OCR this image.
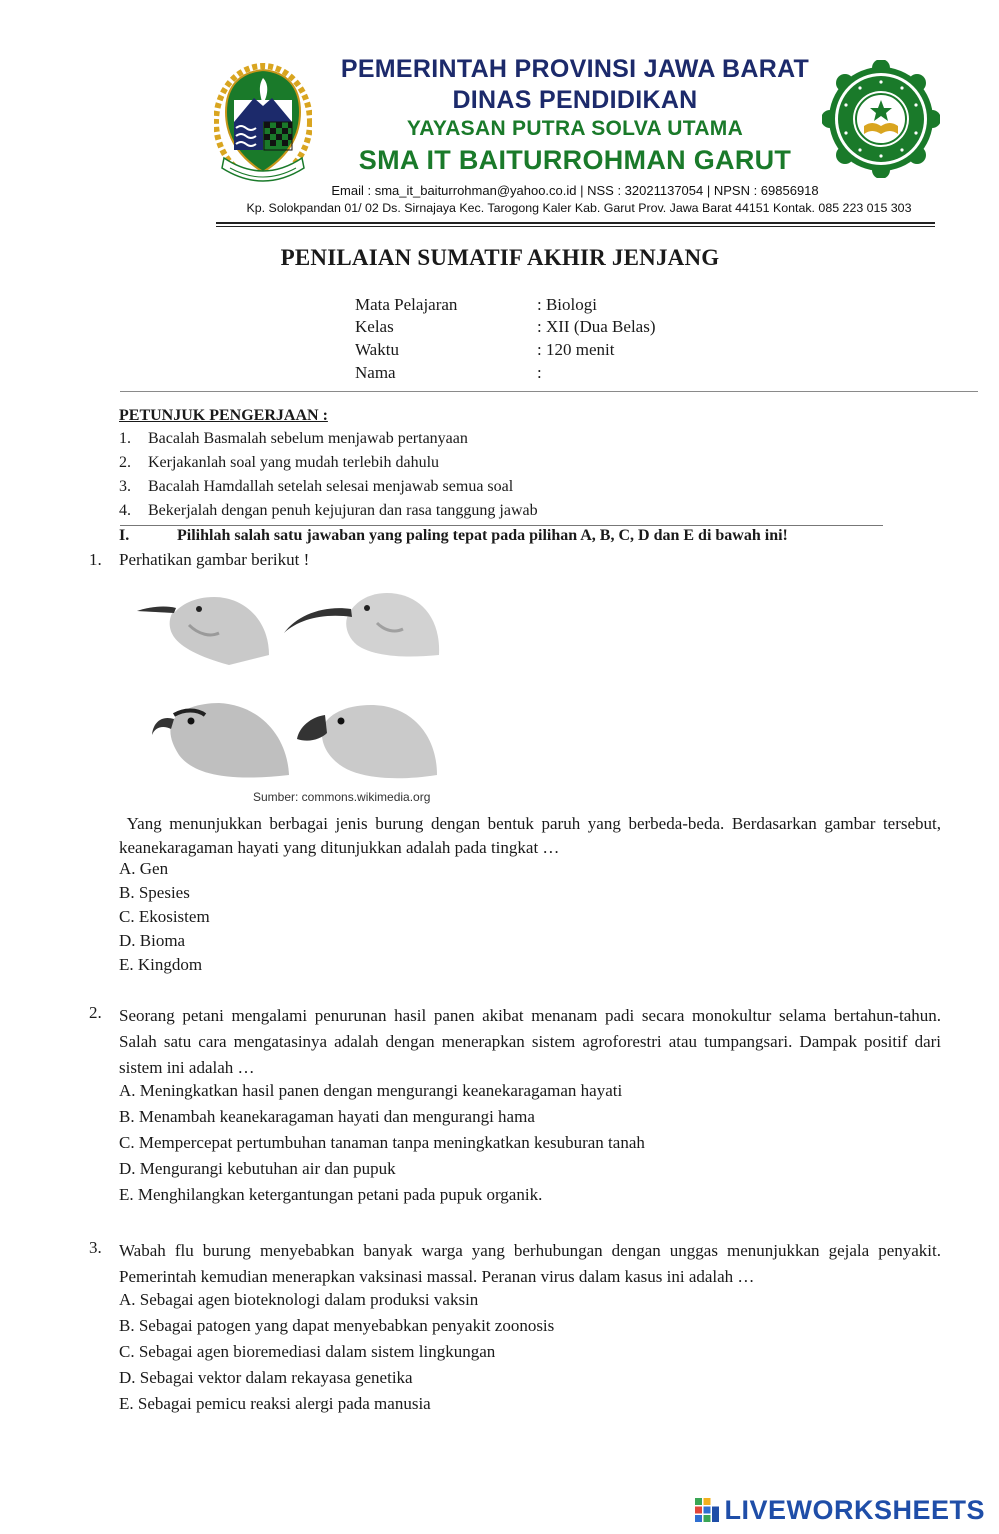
PEMERINTAH PROVINSI JAWA BARAT
DINAS PENDIDIKAN
YAYASAN PUTRA SOLVA UTAMA
SMA IT BAITURROHMAN GARUT
Email : sma_it_baiturrohman@yahoo.co.id | NSS : 32021137054 | NPSN : 69856918
Kp. Solokpandan 01/ 02 Ds. Sirnajaya Kec. Tarogong Kaler Kab. Garut Prov. Jawa Barat 44151 Kontak. 085 223 015 303
PENILAIAN SUMATIF AKHIR JENJANG
Mata Pelajaran	: Biologi
Kelas	: XII (Dua Belas)
Waktu	: 120 menit
Nama	:
PETUNJUK PENGERJAAN :
1. Bacalah Basmalah sebelum menjawab pertanyaan
2. Kerjakanlah soal yang mudah terlebih dahulu
3. Bacalah Hamdallah setelah selesai menjawab semua soal
4. Bekerjalah dengan penuh kejujuran dan rasa tanggung jawab
I.	Pilihlah salah satu jawaban yang paling tepat pada pilihan A, B, C, D dan E di bawah ini!
1. Perhatikan gambar berikut !
Sumber: commons.wikimedia.org
Yang menunjukkan berbagai jenis burung dengan bentuk paruh yang berbeda-beda. Berdasarkan gambar tersebut, keanekaragaman hayati yang ditunjukkan adalah pada tingkat …
A. Gen
B. Spesies
C. Ekosistem
D. Bioma
E. Kingdom
2. Seorang petani mengalami penurunan hasil panen akibat menanam padi secara monokultur selama bertahun-tahun. Salah satu cara mengatasinya adalah dengan menerapkan sistem agroforestri atau tumpangsari. Dampak positif dari sistem ini adalah …
A. Meningkatkan hasil panen dengan mengurangi keanekaragaman hayati
B. Menambah keanekaragaman hayati dan mengurangi hama
C. Mempercepat pertumbuhan tanaman tanpa meningkatkan kesuburan tanah
D. Mengurangi kebutuhan air dan pupuk
E. Menghilangkan ketergantungan petani pada pupuk organik.
3. Wabah flu burung menyebabkan banyak warga yang berhubungan dengan unggas menunjukkan gejala penyakit. Pemerintah kemudian menerapkan vaksinasi massal. Peranan virus dalam kasus ini adalah …
A. Sebagai agen bioteknologi dalam produksi vaksin
B. Sebagai patogen yang dapat menyebabkan penyakit zoonosis
C. Sebagai agen bioremediasi dalam sistem lingkungan
D. Sebagai vektor dalam rekayasa genetika
E. Sebagai pemicu reaksi alergi pada manusia
LIVEWORKSHEETS
